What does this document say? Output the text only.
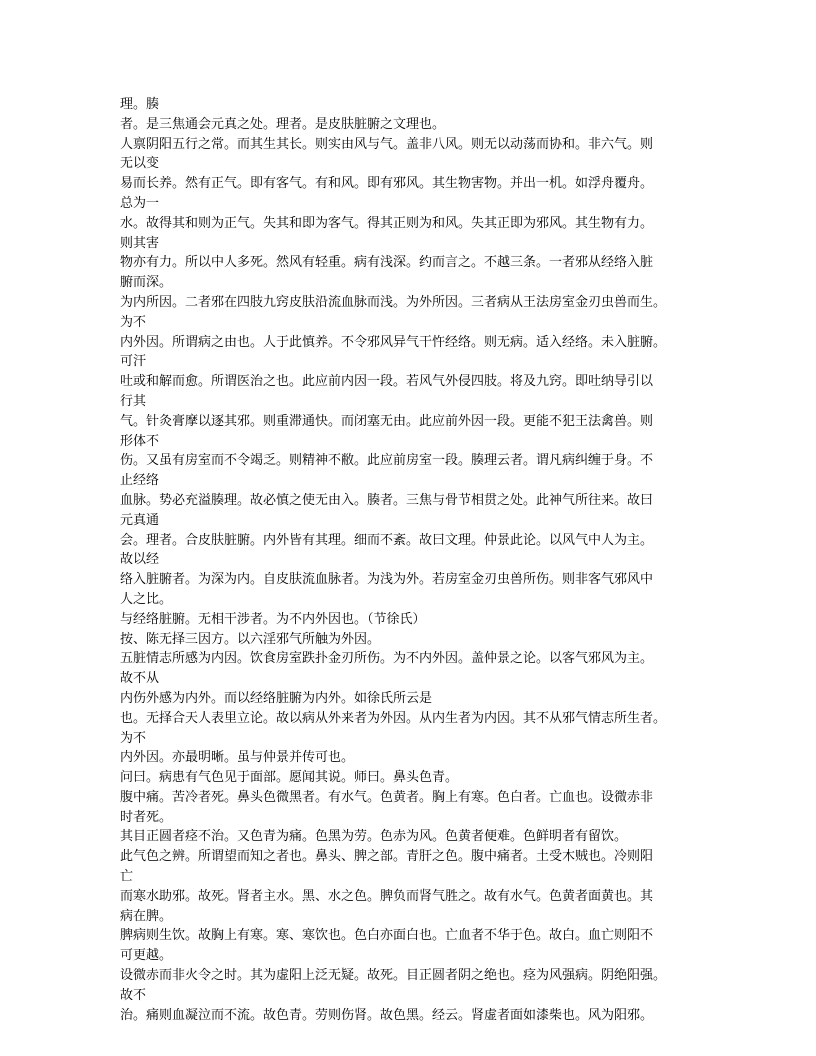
理。腠
者。是三焦通会元真之处。理者。是皮肤脏腑之文理也。
人禀阴阳五行之常。而其生其长。则实由风与气。盖非八风。则无以动荡而协和。非六气。则
无以变
易而长养。然有正气。即有客气。有和风。即有邪风。其生物害物。并出一机。如浮舟覆舟。
总为一
水。故得其和则为正气。失其和即为客气。得其正则为和风。失其正即为邪风。其生物有力。
则其害
物亦有力。所以中人多死。然风有轻重。病有浅深。约而言之。不越三条。一者邪从经络入脏
腑而深。
为内所因。二者邪在四肢九窍皮肤沿流血脉而浅。为外所因。三者病从王法房室金刃虫兽而生。
为不
内外因。所谓病之由也。人于此慎养。不令邪风异气干忤经络。则无病。适入经络。未入脏腑。
可汗
吐或和解而愈。所谓医治之也。此应前内因一段。若风气外侵四肢。将及九窍。即吐纳导引以
行其
气。针灸膏摩以逐其邪。则重滞通快。而闭塞无由。此应前外因一段。更能不犯王法禽兽。则
形体不
伤。又虽有房室而不令竭乏。则精神不敝。此应前房室一段。腠理云者。谓凡病纠缠于身。不
止经络
血脉。势必充溢腠理。故必慎之使无由入。腠者。三焦与骨节相贯之处。此神气所往来。故曰
元真通
会。理者。合皮肤脏腑。内外皆有其理。细而不紊。故曰文理。仲景此论。以风气中人为主。
故以经
络入脏腑者。为深为内。自皮肤流血脉者。为浅为外。若房室金刃虫兽所伤。则非客气邪风中
人之比。
与经络脏腑。无相干涉者。为不内外因也。（节徐氏）
按、陈无择三因方。以六淫邪气所触为外因。
五脏情志所感为内因。饮食房室跌扑金刃所伤。为不内外因。盖仲景之论。以客气邪风为主。
故不从
内伤外感为内外。而以经络脏腑为内外。如徐氏所云是
也。无择合天人表里立论。故以病从外来者为外因。从内生者为内因。其不从邪气情志所生者。
为不
内外因。亦最明晰。虽与仲景并传可也。
问曰。病患有气色见于面部。愿闻其说。师曰。鼻头色青。
腹中痛。苦冷者死。鼻头色微黑者。有水气。色黄者。胸上有寒。色白者。亡血也。设微赤非
时者死。
其目正圆者痉不治。又色青为痛。色黑为劳。色赤为风。色黄者便难。色鲜明者有留饮。
此气色之辨。所谓望而知之者也。鼻头、脾之部。青肝之色。腹中痛者。土受木贼也。冷则阳
亡
而寒水助邪。故死。肾者主水。黑、水之色。脾负而肾气胜之。故有水气。色黄者面黄也。其
病在脾。
脾病则生饮。故胸上有寒。寒、寒饮也。色白亦面白也。亡血者不华于色。故白。血亡则阳不
可更越。
设微赤而非火令之时。其为虚阳上泛无疑。故死。目正圆者阴之绝也。痉为风强病。阴绝阳强。
故不
治。痛则血凝泣而不流。故色青。劳则伤肾。故色黑。经云。肾虚者面如漆柴也。风为阳邪。
